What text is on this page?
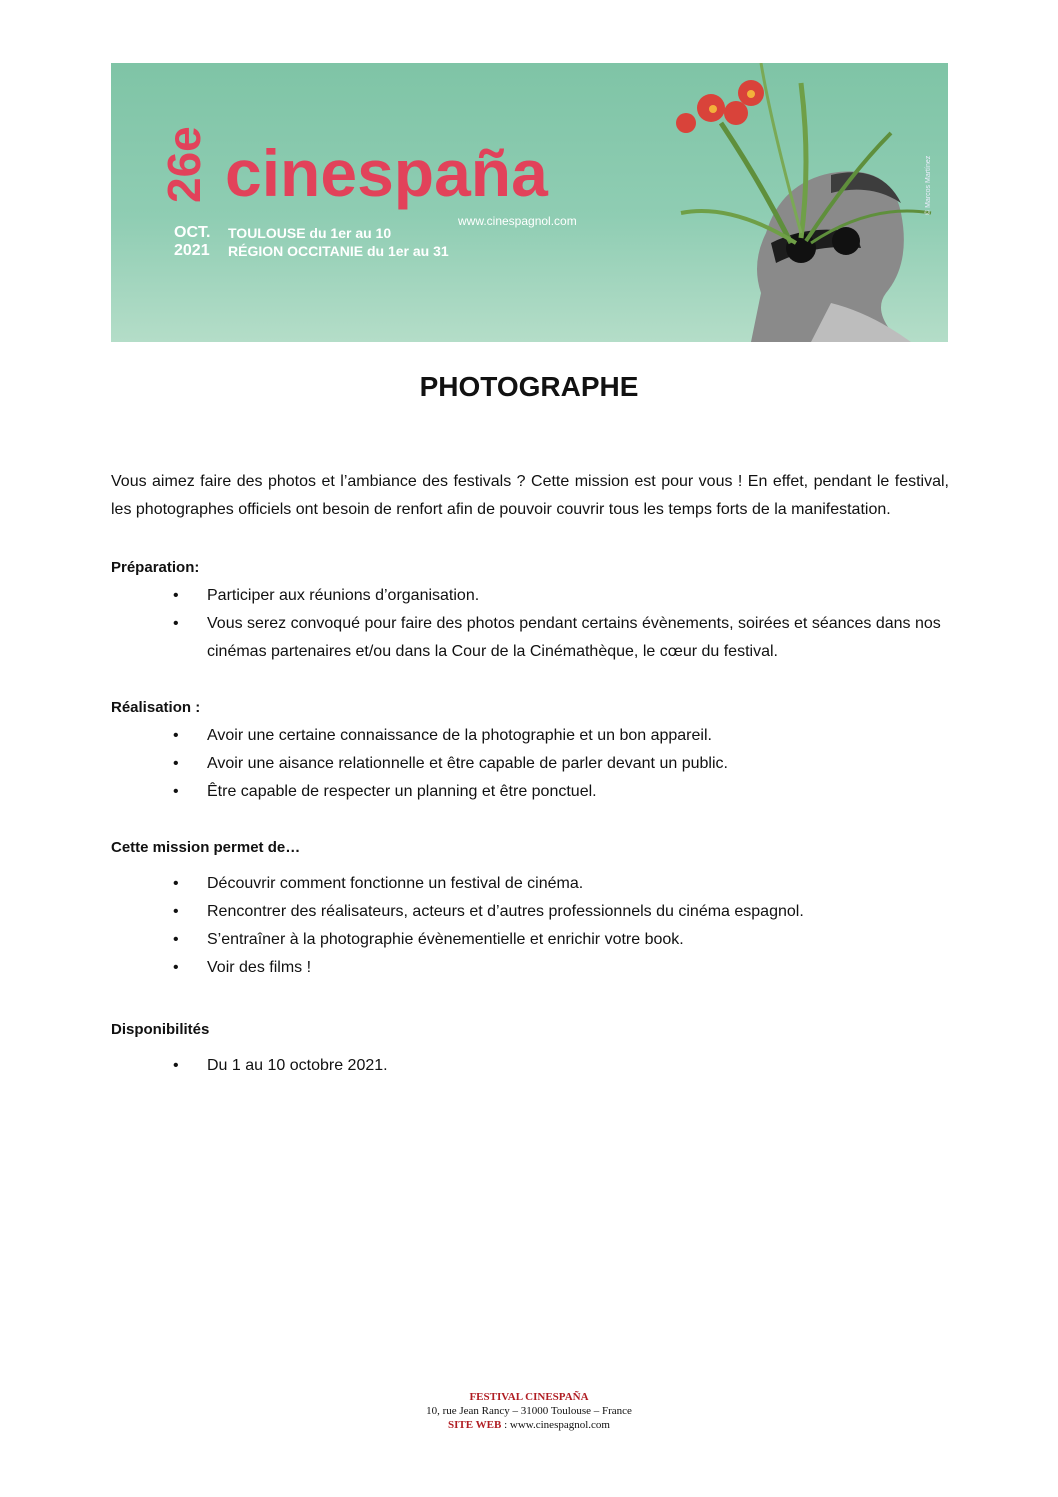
26e cinespaña
www.cinespagnol.com
OCT.
2021
TOULOUSE du 1er au 10
RÉGION OCCITANIE du 1er au 31
© Marcos Martínez
PHOTOGRAPHE

Vous aimez faire des photos et l’ambiance des festivals ? Cette mission est pour vous ! En effet, pendant le festival, les photographes officiels ont besoin de renfort afin de pouvoir couvrir tous les temps forts de la manifestation.

Préparation:

• Participer aux réunions d’organisation.
• Vous serez convoqué pour faire des photos pendant certains évènements, soirées et séances dans nos cinémas partenaires et/ou dans la Cour de la Cinémathèque, le cœur du festival.

Réalisation :

• Avoir une certaine connaissance de la photographie et un bon appareil.
• Avoir une aisance relationnelle et être capable de parler devant un public.
• Être capable de respecter un planning et être ponctuel.

Cette mission permet de…

• Découvrir comment fonctionne un festival de cinéma.
• Rencontrer des réalisateurs, acteurs et d’autres professionnels du cinéma espagnol.
• S’entraîner à la photographie évènementielle et enrichir votre book.
• Voir des films !

Disponibilités

• Du 1 au 10 octobre 2021.
FESTIVAL CINESPAÑA
10, rue Jean Rancy – 31000 Toulouse – France
SITE WEB : www.cinespagnol.com
